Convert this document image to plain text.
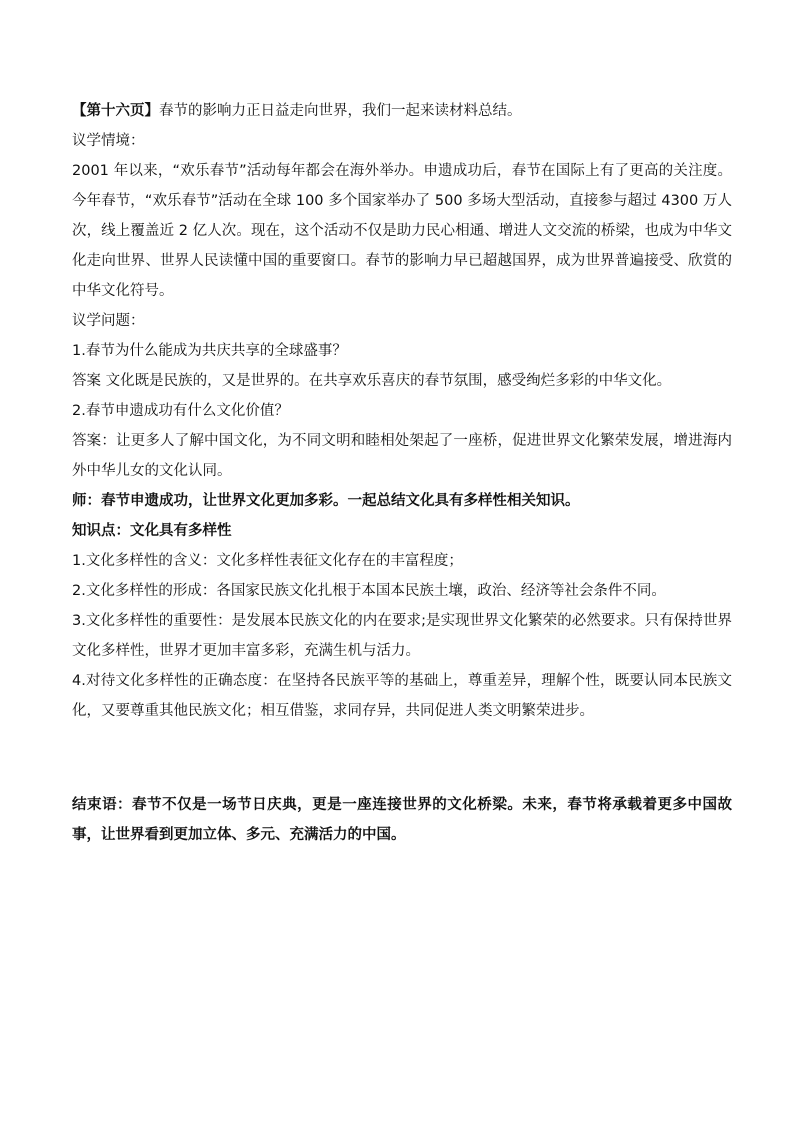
【第十六页】春节的影响力正日益走向世界，我们一起来读材料总结。

议学情境：

2001 年以来，“欢乐春节”活动每年都会在海外举办。申遗成功后，春节在国际上有了更高的关注度。今年春节，“欢乐春节”活动在全球 100 多个国家举办了 500 多场大型活动，直接参与超过 4300 万人次，线上覆盖近 2 亿人次。现在，这个活动不仅是助力民心相通、增进人文交流的桥梁，也成为中华文化走向世界、世界人民读懂中国的重要窗口。春节的影响力早已超越国界，成为世界普遍接受、欣赏的中华文化符号。

议学问题：

1.春节为什么能成为共庆共享的全球盛事？

答案 文化既是民族的，又是世界的。在共享欢乐喜庆的春节氛围，感受绚烂多彩的中华文化。

2.春节申遗成功有什么文化价值？

答案：让更多人了解中国文化，为不同文明和睦相处架起了一座桥，促进世界文化繁荣发展，增进海内外中华儿女的文化认同。

师：春节申遗成功，让世界文化更加多彩。一起总结文化具有多样性相关知识。

知识点：文化具有多样性

1.文化多样性的含义：文化多样性表征文化存在的丰富程度；

2.文化多样性的形成：各国家民族文化扎根于本国本民族土壤，政治、经济等社会条件不同。

3.文化多样性的重要性：是发展本民族文化的内在要求;是实现世界文化繁荣的必然要求。只有保持世界文化多样性，世界才更加丰富多彩，充满生机与活力。

4.对待文化多样性的正确态度：在坚持各民族平等的基础上，尊重差异，理解个性，既要认同本民族文化，又要尊重其他民族文化；相互借鉴，求同存异，共同促进人类文明繁荣进步。

结束语：春节不仅是一场节日庆典，更是一座连接世界的文化桥梁。未来，春节将承载着更多中国故事，让世界看到更加立体、多元、充满活力的中国。
